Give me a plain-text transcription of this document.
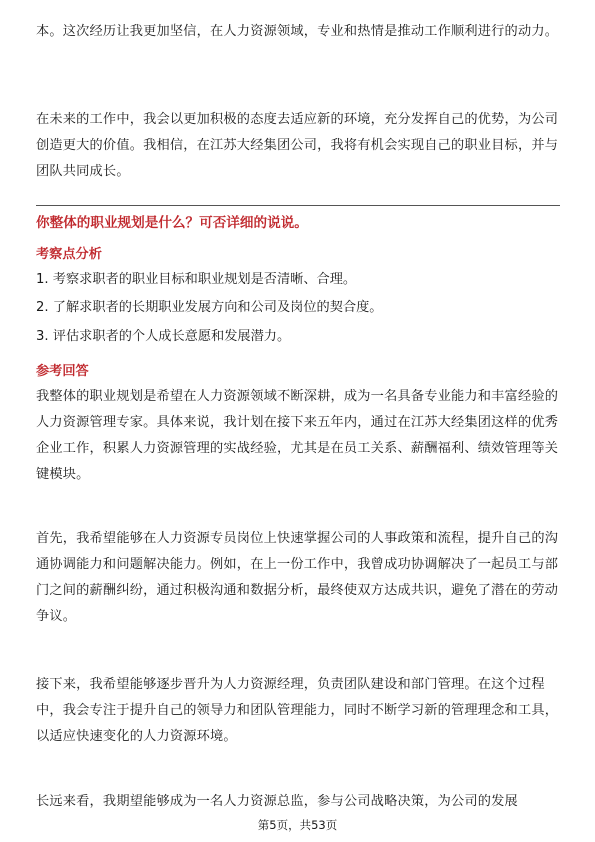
本。这次经历让我更加坚信，在人力资源领域，专业和热情是推动工作顺利进行的动力。

在未来的工作中，我会以更加积极的态度去适应新的环境，充分发挥自己的优势，为公司创造更大的价值。我相信，在江苏大经集团公司，我将有机会实现自己的职业目标，并与团队共同成长。

你整体的职业规划是什么？可否详细的说说。

考察点分析

1. 考察求职者的职业目标和职业规划是否清晰、合理。

2. 了解求职者的长期职业发展方向和公司及岗位的契合度。

3. 评估求职者的个人成长意愿和发展潜力。

参考回答

我整体的职业规划是希望在人力资源领域不断深耕，成为一名具备专业能力和丰富经验的人力资源管理专家。具体来说，我计划在接下来五年内，通过在江苏大经集团这样的优秀企业工作，积累人力资源管理的实战经验，尤其是在员工关系、薪酬福利、绩效管理等关键模块。

首先，我希望能够在人力资源专员岗位上快速掌握公司的人事政策和流程，提升自己的沟通协调能力和问题解决能力。例如，在上一份工作中，我曾成功协调解决了一起员工与部门之间的薪酬纠纷，通过积极沟通和数据分析，最终使双方达成共识，避免了潜在的劳动争议。

接下来，我希望能够逐步晋升为人力资源经理，负责团队建设和部门管理。在这个过程中，我会专注于提升自己的领导力和团队管理能力，同时不断学习新的管理理念和工具，以适应快速变化的人力资源环境。

长远来看，我期望能够成为一名人力资源总监，参与公司战略决策，为公司的发展

第5页，共53页
